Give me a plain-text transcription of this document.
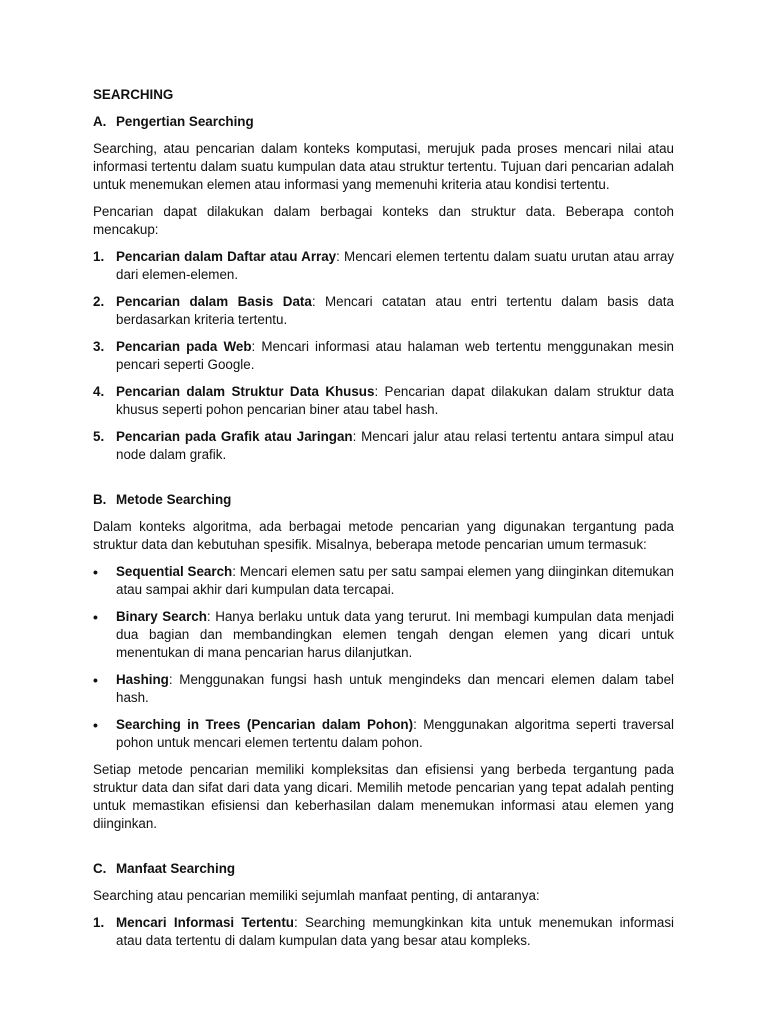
SEARCHING
A. Pengertian Searching

Searching, atau pencarian dalam konteks komputasi, merujuk pada proses mencari nilai atau informasi tertentu dalam suatu kumpulan data atau struktur tertentu. Tujuan dari pencarian adalah untuk menemukan elemen atau informasi yang memenuhi kriteria atau kondisi tertentu.

Pencarian dapat dilakukan dalam berbagai konteks dan struktur data. Beberapa contoh mencakup:

1. Pencarian dalam Daftar atau Array: Mencari elemen tertentu dalam suatu urutan atau array dari elemen-elemen.
2. Pencarian dalam Basis Data: Mencari catatan atau entri tertentu dalam basis data berdasarkan kriteria tertentu.
3. Pencarian pada Web: Mencari informasi atau halaman web tertentu menggunakan mesin pencari seperti Google.
4. Pencarian dalam Struktur Data Khusus: Pencarian dapat dilakukan dalam struktur data khusus seperti pohon pencarian biner atau tabel hash.
5. Pencarian pada Grafik atau Jaringan: Mencari jalur atau relasi tertentu antara simpul atau node dalam grafik.
B. Metode Searching

Dalam konteks algoritma, ada berbagai metode pencarian yang digunakan tergantung pada struktur data dan kebutuhan spesifik. Misalnya, beberapa metode pencarian umum termasuk:

•	Sequential Search: Mencari elemen satu per satu sampai elemen yang diinginkan ditemukan atau sampai akhir dari kumpulan data tercapai.
•	Binary Search: Hanya berlaku untuk data yang terurut. Ini membagi kumpulan data menjadi dua bagian dan membandingkan elemen tengah dengan elemen yang dicari untuk menentukan di mana pencarian harus dilanjutkan.
•	Hashing: Menggunakan fungsi hash untuk mengindeks dan mencari elemen dalam tabel hash.
•	Searching in Trees (Pencarian dalam Pohon): Menggunakan algoritma seperti traversal pohon untuk mencari elemen tertentu dalam pohon.

Setiap metode pencarian memiliki kompleksitas dan efisiensi yang berbeda tergantung pada struktur data dan sifat dari data yang dicari. Memilih metode pencarian yang tepat adalah penting untuk memastikan efisiensi dan keberhasilan dalam menemukan informasi atau elemen yang diinginkan.

C. Manfaat Searching

Searching atau pencarian memiliki sejumlah manfaat penting, di antaranya:

1. Mencari Informasi Tertentu: Searching memungkinkan kita untuk menemukan informasi atau data tertentu di dalam kumpulan data yang besar atau kompleks.
